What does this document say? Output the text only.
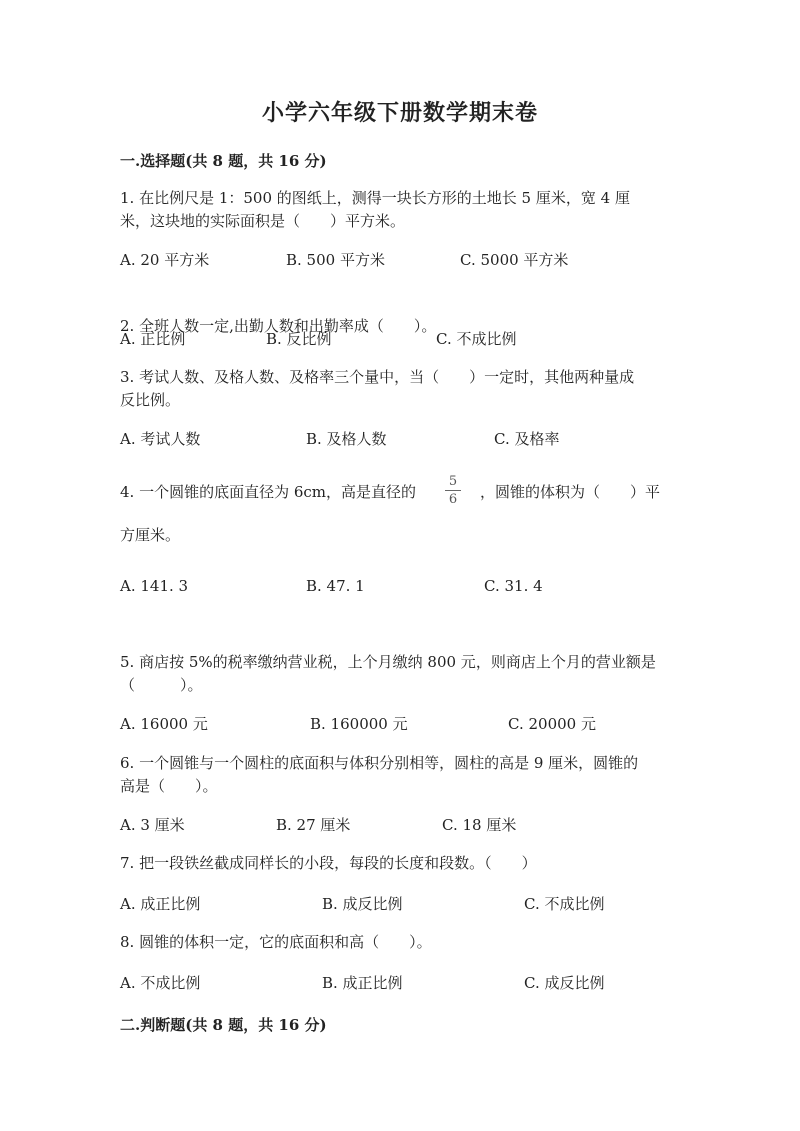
小学六年级下册数学期末卷
一.选择题(共 8 题，共 16 分)
1. 在比例尺是 1：500 的图纸上，测得一块长方形的土地长 5 厘米，宽 4 厘
米，这块地的实际面积是（　　）平方米。
A. 20 平方米	B. 500 平方米	C. 5000 平方米
2. 全班人数一定,出勤人数和出勤率成（　　）。
A. 正比例	B. 反比例	C. 不成比例
3. 考试人数、及格人数、及格率三个量中，当（　　）一定时，其他两种量成
反比例。
A. 考试人数	B. 及格人数	C. 及格率
4. 一个圆锥的底面直径为 6cm，高是直径的
5
6 ，圆锥的体积为（　　）平
方厘米。
A. 141. 3	B. 47. 1	C. 31. 4
5. 商店按 5%的税率缴纳营业税，上个月缴纳 800 元，则商店上个月的营业额是
（　　　）。
A. 16000 元	B. 160000 元	C. 20000 元
6. 一个圆锥与一个圆柱的底面积与体积分别相等，圆柱的高是 9 厘米，圆锥的
高是（　　）。
A. 3 厘米	B. 27 厘米	C. 18 厘米
7. 把一段铁丝截成同样长的小段，每段的长度和段数。（　　）
A. 成正比例	B. 成反比例	C. 不成比例
8. 圆锥的体积一定，它的底面积和高（　　）。
A. 不成比例	B. 成正比例	C. 成反比例
二.判断题(共 8 题，共 16 分)
